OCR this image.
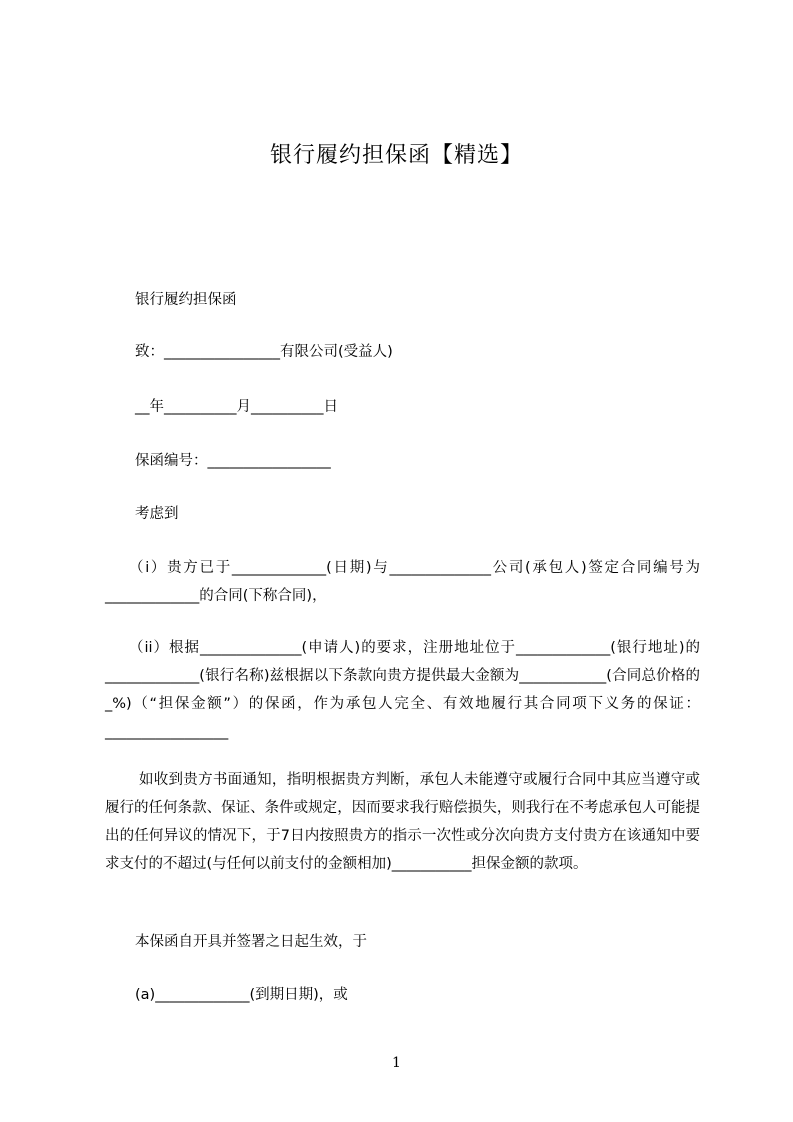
银行履约担保函【精选】
银行履约担保函
致：________________有限公司(受益人)
__年__________月__________日
保函编号：_________________
考虑到

（i）贵方已于_____________(日期)与______________公司(承包人)签定合同编号为_____________的合同(下称合同)，

（ii）根据______________(申请人)的要求，注册地址位于_____________(银行地址)的_____________(银行名称)兹根据以下条款向贵方提供最大金额为____________(合同总价格的_%)（“担保金额”）的保函，作为承包人完全、有效地履行其合同项下义务的保证：_________________

如收到贵方书面通知，指明根据贵方判断，承包人未能遵守或履行合同中其应当遵守或履行的任何条款、保证、条件或规定，因而要求我行赔偿损失，则我行在不考虑承包人可能提出的任何异议的情况下，于7日内按照贵方的指示一次性或分次向贵方支付贵方在该通知中要求支付的不超过(与任何以前支付的金额相加)___________担保金额的款项。

本保函自开具并签署之日起生效，于
(a)_____________(到期日期)，或
1
